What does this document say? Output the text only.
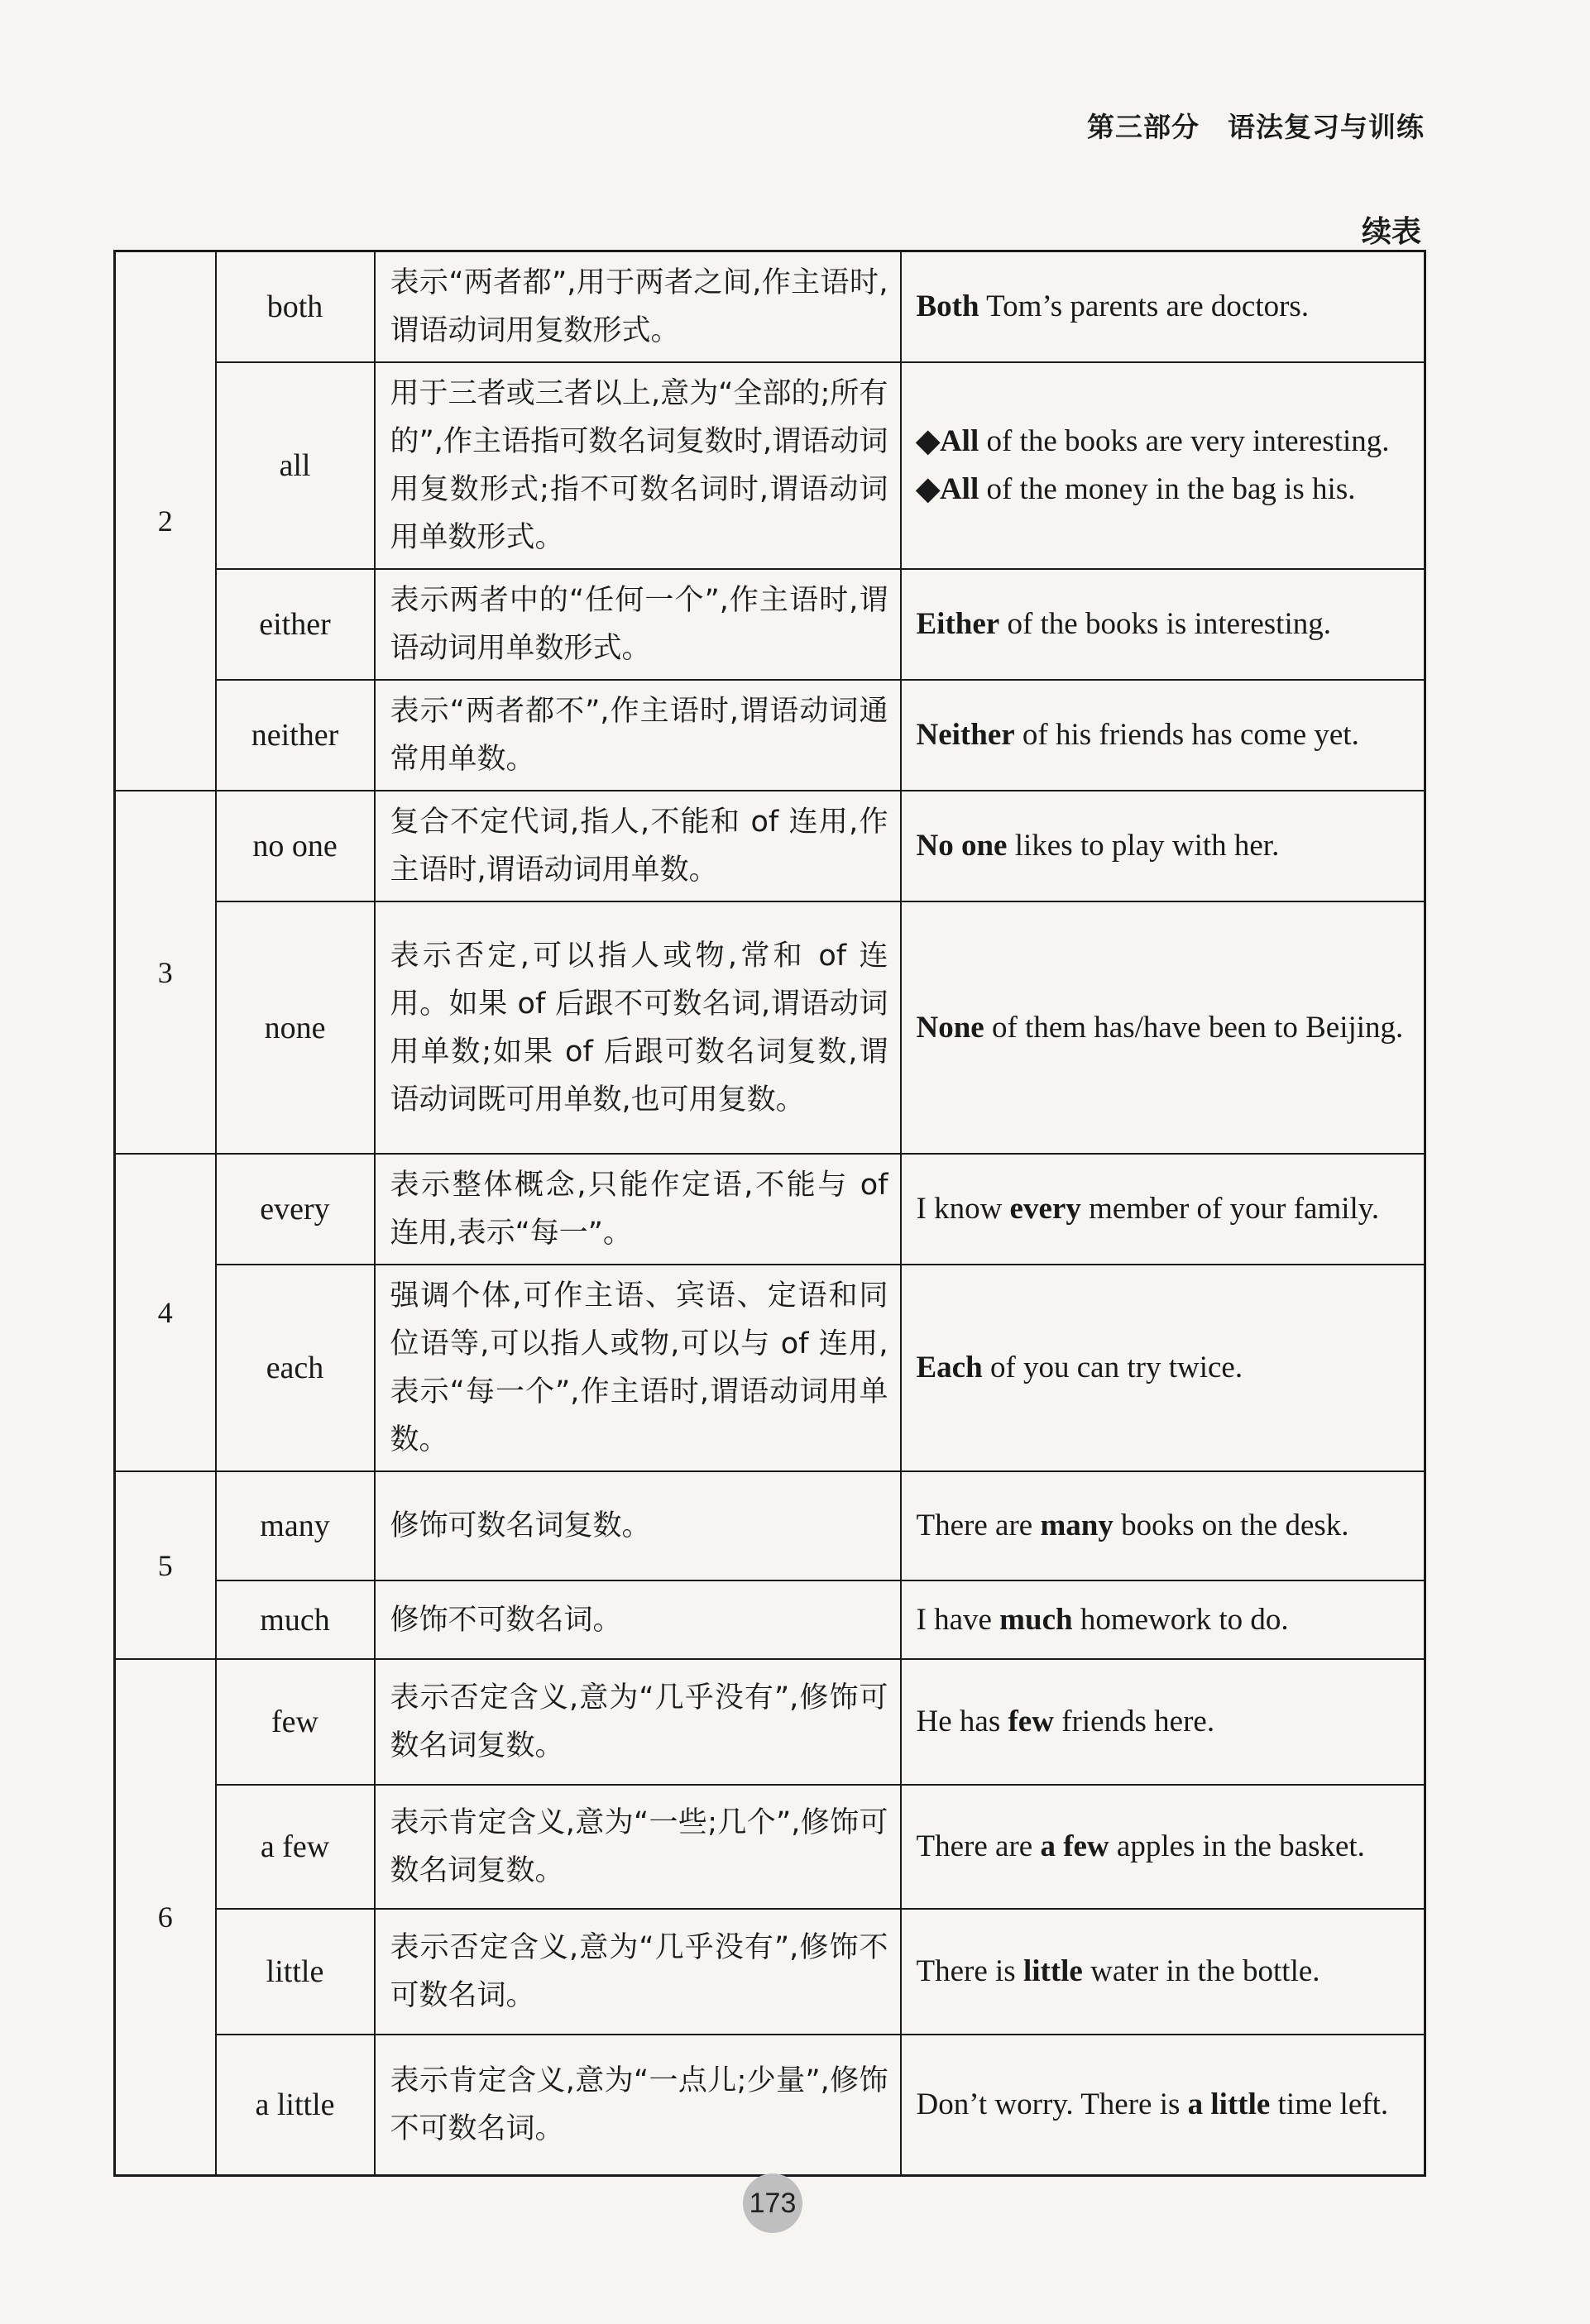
第三部分　语法复习与训练
续表
2	both	表示“两者都”,用于两者之间,作主语时,谓语动词用复数形式。	Both Tom’s parents are doctors.

	all	用于三者或三者以上,意为“全部的;所有的”,作主语指可数名词复数时,谓语动词用复数形式;指不可数名词时,谓语动词用单数形式。	◆All of the books are very interesting.
◆All of the money in the bag is his.

	either	表示两者中的“任何一个”,作主语时,谓语动词用单数形式。	Either of the books is interesting.

	neither	表示“两者都不”,作主语时,谓语动词通常用单数。	Neither of his friends has come yet.

3	no one	复合不定代词,指人,不能和 of 连用,作主语时,谓语动词用单数。	No one likes to play with her.

	none	表示否定,可以指人或物,常和 of 连用。如果 of 后跟不可数名词,谓语动词用单数;如果 of 后跟可数名词复数,谓语动词既可用单数,也可用复数。	None of them has/have been to Beijing.

4	every	表示整体概念,只能作定语,不能与 of 连用,表示“每一”。	I know every member of your family.

	each	强调个体,可作主语、宾语、定语和同位语等,可以指人或物,可以与 of 连用,表示“每一个”,作主语时,谓语动词用单数。	Each of you can try twice.

5	many	修饰可数名词复数。	There are many books on the desk.

	much	修饰不可数名词。	I have much homework to do.

6	few	表示否定含义,意为“几乎没有”,修饰可数名词复数。	He has few friends here.

	a few	表示肯定含义,意为“一些;几个”,修饰可数名词复数。	There are a few apples in the basket.

	little	表示否定含义,意为“几乎没有”,修饰不可数名词。	There is little water in the bottle.

	a little	表示肯定含义,意为“一点儿;少量”,修饰不可数名词。	Don’t worry. There is a little time left.
173
